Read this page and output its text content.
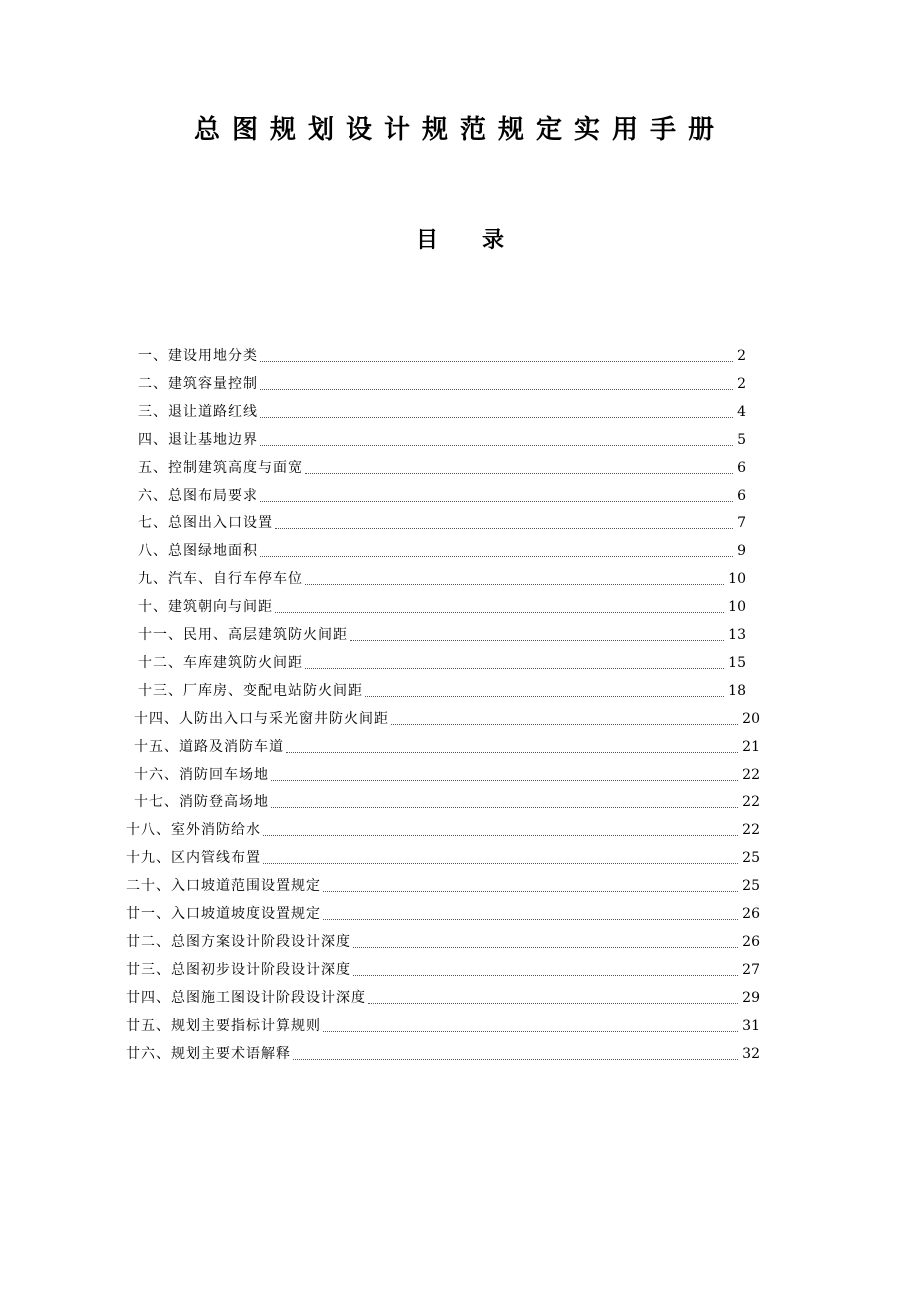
总图规划设计规范规定实用手册
目 录
一、建设用地分类	2
二、建筑容量控制	2
三、退让道路红线	4
四、退让基地边界	5
五、控制建筑高度与面宽	6
六、总图布局要求	6
七、总图出入口设置	7
八、总图绿地面积	9
九、汽车、自行车停车位	10
十、建筑朝向与间距	10
十一、民用、高层建筑防火间距	13
十二、车库建筑防火间距	15
十三、厂库房、变配电站防火间距	18
十四、人防出入口与采光窗井防火间距	20
十五、道路及消防车道	21
十六、消防回车场地	22
十七、消防登高场地	22
十八、室外消防给水	22
十九、区内管线布置	25
二十、入口坡道范围设置规定	25
廿一、入口坡道坡度设置规定	26
廿二、总图方案设计阶段设计深度	26
廿三、总图初步设计阶段设计深度	27
廿四、总图施工图设计阶段设计深度	29
廿五、规划主要指标计算规则	31
廿六、规划主要术语解释	32
